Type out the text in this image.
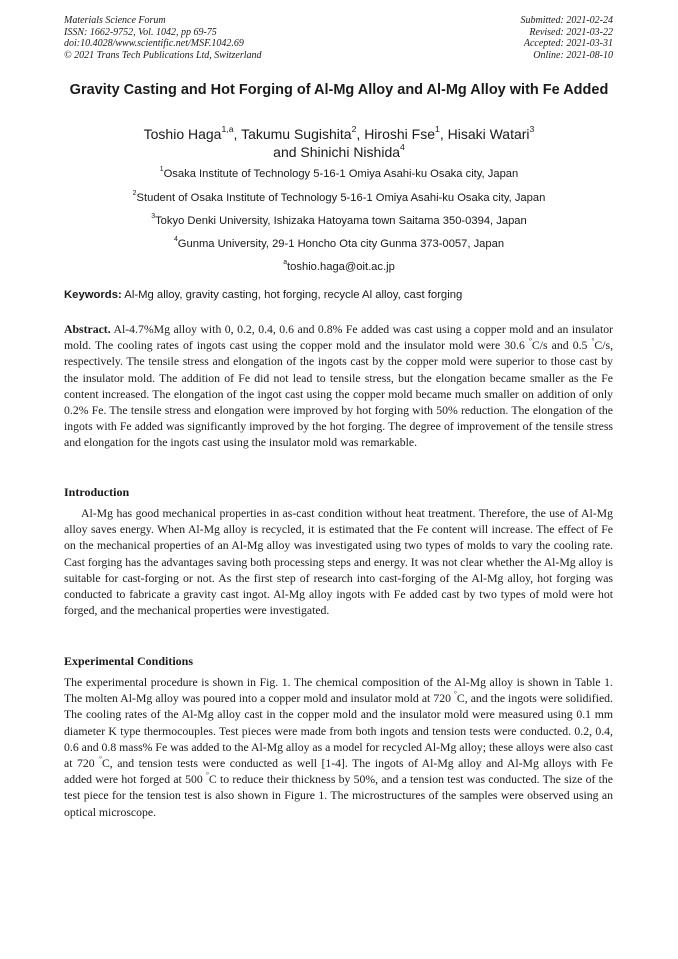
Materials Science Forum
ISSN: 1662-9752, Vol. 1042, pp 69-75
doi:10.4028/www.scientific.net/MSF.1042.69
© 2021 Trans Tech Publications Ltd, Switzerland
Submitted: 2021-02-24
Revised: 2021-03-22
Accepted: 2021-03-31
Online: 2021-08-10
Gravity Casting and Hot Forging of Al-Mg Alloy and Al-Mg Alloy with Fe Added
Toshio Haga$^{1,a}$, Takumu Sugishita$^2$, Hiroshi Fse$^1$, Hisaki Watari$^3$
and Shinichi Nishida$^4$
$^1$Osaka Institute of Technology 5-16-1 Omiya Asahi-ku Osaka city, Japan
$^2$Student of Osaka Institute of Technology 5-16-1 Omiya Asahi-ku Osaka city, Japan
$^3$Tokyo Denki University, Ishizaka Hatoyama town Saitama 350-0394, Japan
$^4$Gunma University, 29-1 Honcho Ota city Gunma 373-0057, Japan
$^a$toshio.haga@oit.ac.jp
Keywords: Al-Mg alloy, gravity casting, hot forging, recycle Al alloy, cast forging
Abstract. Al-4.7%Mg alloy with 0, 0.2, 0.4, 0.6 and 0.8% Fe added was cast using a copper mold and an insulator mold. The cooling rates of ingots cast using the copper mold and the insulator mold were 30.6 °C/s and 0.5 °C/s, respectively. The tensile stress and elongation of the ingots cast by the copper mold were superior to those cast by the insulator mold. The addition of Fe did not lead to tensile stress, but the elongation became smaller as the Fe content increased. The elongation of the ingot cast using the copper mold became much smaller on addition of only 0.2% Fe. The tensile stress and elongation were improved by hot forging with 50% reduction. The elongation of the ingots with Fe added was significantly improved by the hot forging. The degree of improvement of the tensile stress and elongation for the ingots cast using the insulator mold was remarkable.
Introduction
Al-Mg has good mechanical properties in as-cast condition without heat treatment. Therefore, the use of Al-Mg alloy saves energy. When Al-Mg alloy is recycled, it is estimated that the Fe content will increase. The effect of Fe on the mechanical properties of an Al-Mg alloy was investigated using two types of molds to vary the cooling rate. Cast forging has the advantages saving both processing steps and energy. It was not clear whether the Al-Mg alloy is suitable for cast-forging or not. As the first step of research into cast-forging of the Al-Mg alloy, hot forging was conducted to fabricate a gravity cast ingot. Al-Mg alloy ingots with Fe added cast by two types of mold were hot forged, and the mechanical properties were investigated.
Experimental Conditions
The experimental procedure is shown in Fig. 1. The chemical composition of the Al-Mg alloy is shown in Table 1. The molten Al-Mg alloy was poured into a copper mold and insulator mold at 720 °C, and the ingots were solidified. The cooling rates of the Al-Mg alloy cast in the copper mold and the insulator mold were measured using 0.1 mm diameter K type thermocouples. Test pieces were made from both ingots and tension tests were conducted. 0.2, 0.4, 0.6 and 0.8 mass% Fe was added to the Al-Mg alloy as a model for recycled Al-Mg alloy; these alloys were also cast at 720 °C, and tension tests were conducted as well [1-4]. The ingots of Al-Mg alloy and Al-Mg alloys with Fe added were hot forged at 500 °C to reduce their thickness by 50%, and a tension test was conducted. The size of the test piece for the tension test is also shown in Figure 1. The microstructures of the samples were observed using an optical microscope.
